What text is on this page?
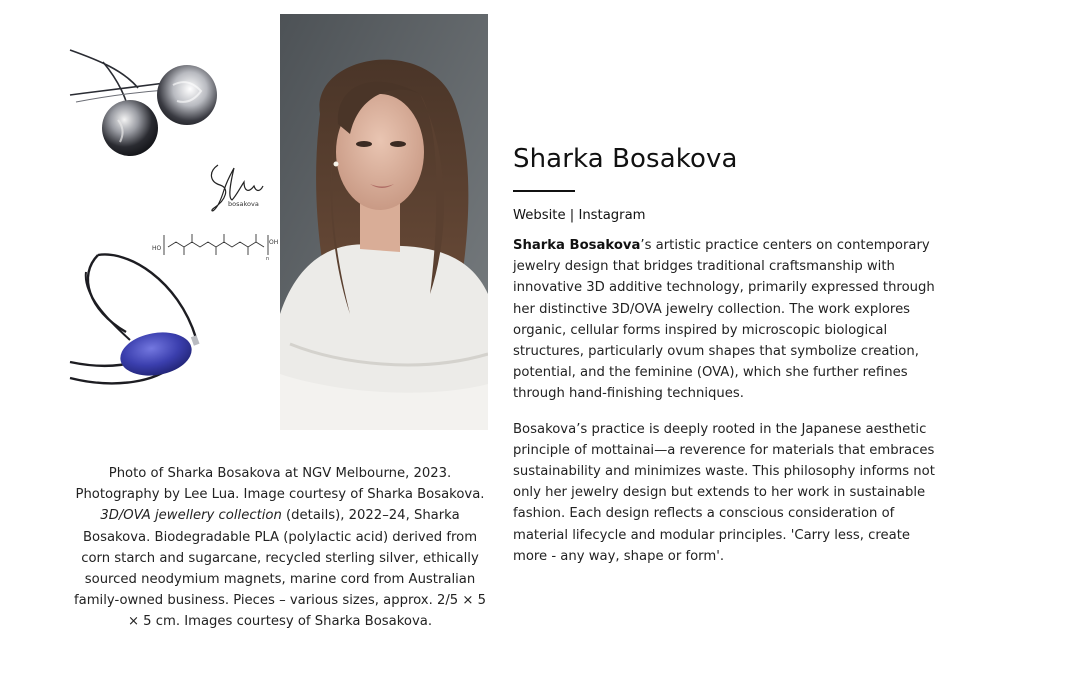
bosakova
HO
OH
n
Photo of Sharka Bosakova at NGV Melbourne, 2023. Photography by Lee Lua. Image courtesy of Sharka Bosakova.
3D/OVA jewellery collection (details), 2022–24, Sharka Bosakova. Biodegradable PLA (polylactic acid) derived from corn starch and sugarcane, recycled sterling silver, ethically sourced neodymium magnets, marine cord from Australian family-owned business. Pieces – various sizes, approx. 2/5 × 5 × 5 cm. Images courtesy of Sharka Bosakova.
Sharka Bosakova
Website | Instagram

Sharka Bosakova’s artistic practice centers on contemporary jewelry design that bridges traditional craftsmanship with innovative 3D additive technology, primarily expressed through her distinctive 3D/OVA jewelry collection. The work explores organic, cellular forms inspired by microscopic biological structures, particularly ovum shapes that symbolize creation, potential, and the feminine (OVA), which she further refines through hand-finishing techniques.

Bosakova’s practice is deeply rooted in the Japanese aesthetic principle of mottainai—a reverence for materials that embraces sustainability and minimizes waste. This philosophy informs not only her jewelry design but extends to her work in sustainable fashion. Each design reflects a conscious consideration of material lifecycle and modular principles. 'Carry less, create more - any way, shape or form'.
